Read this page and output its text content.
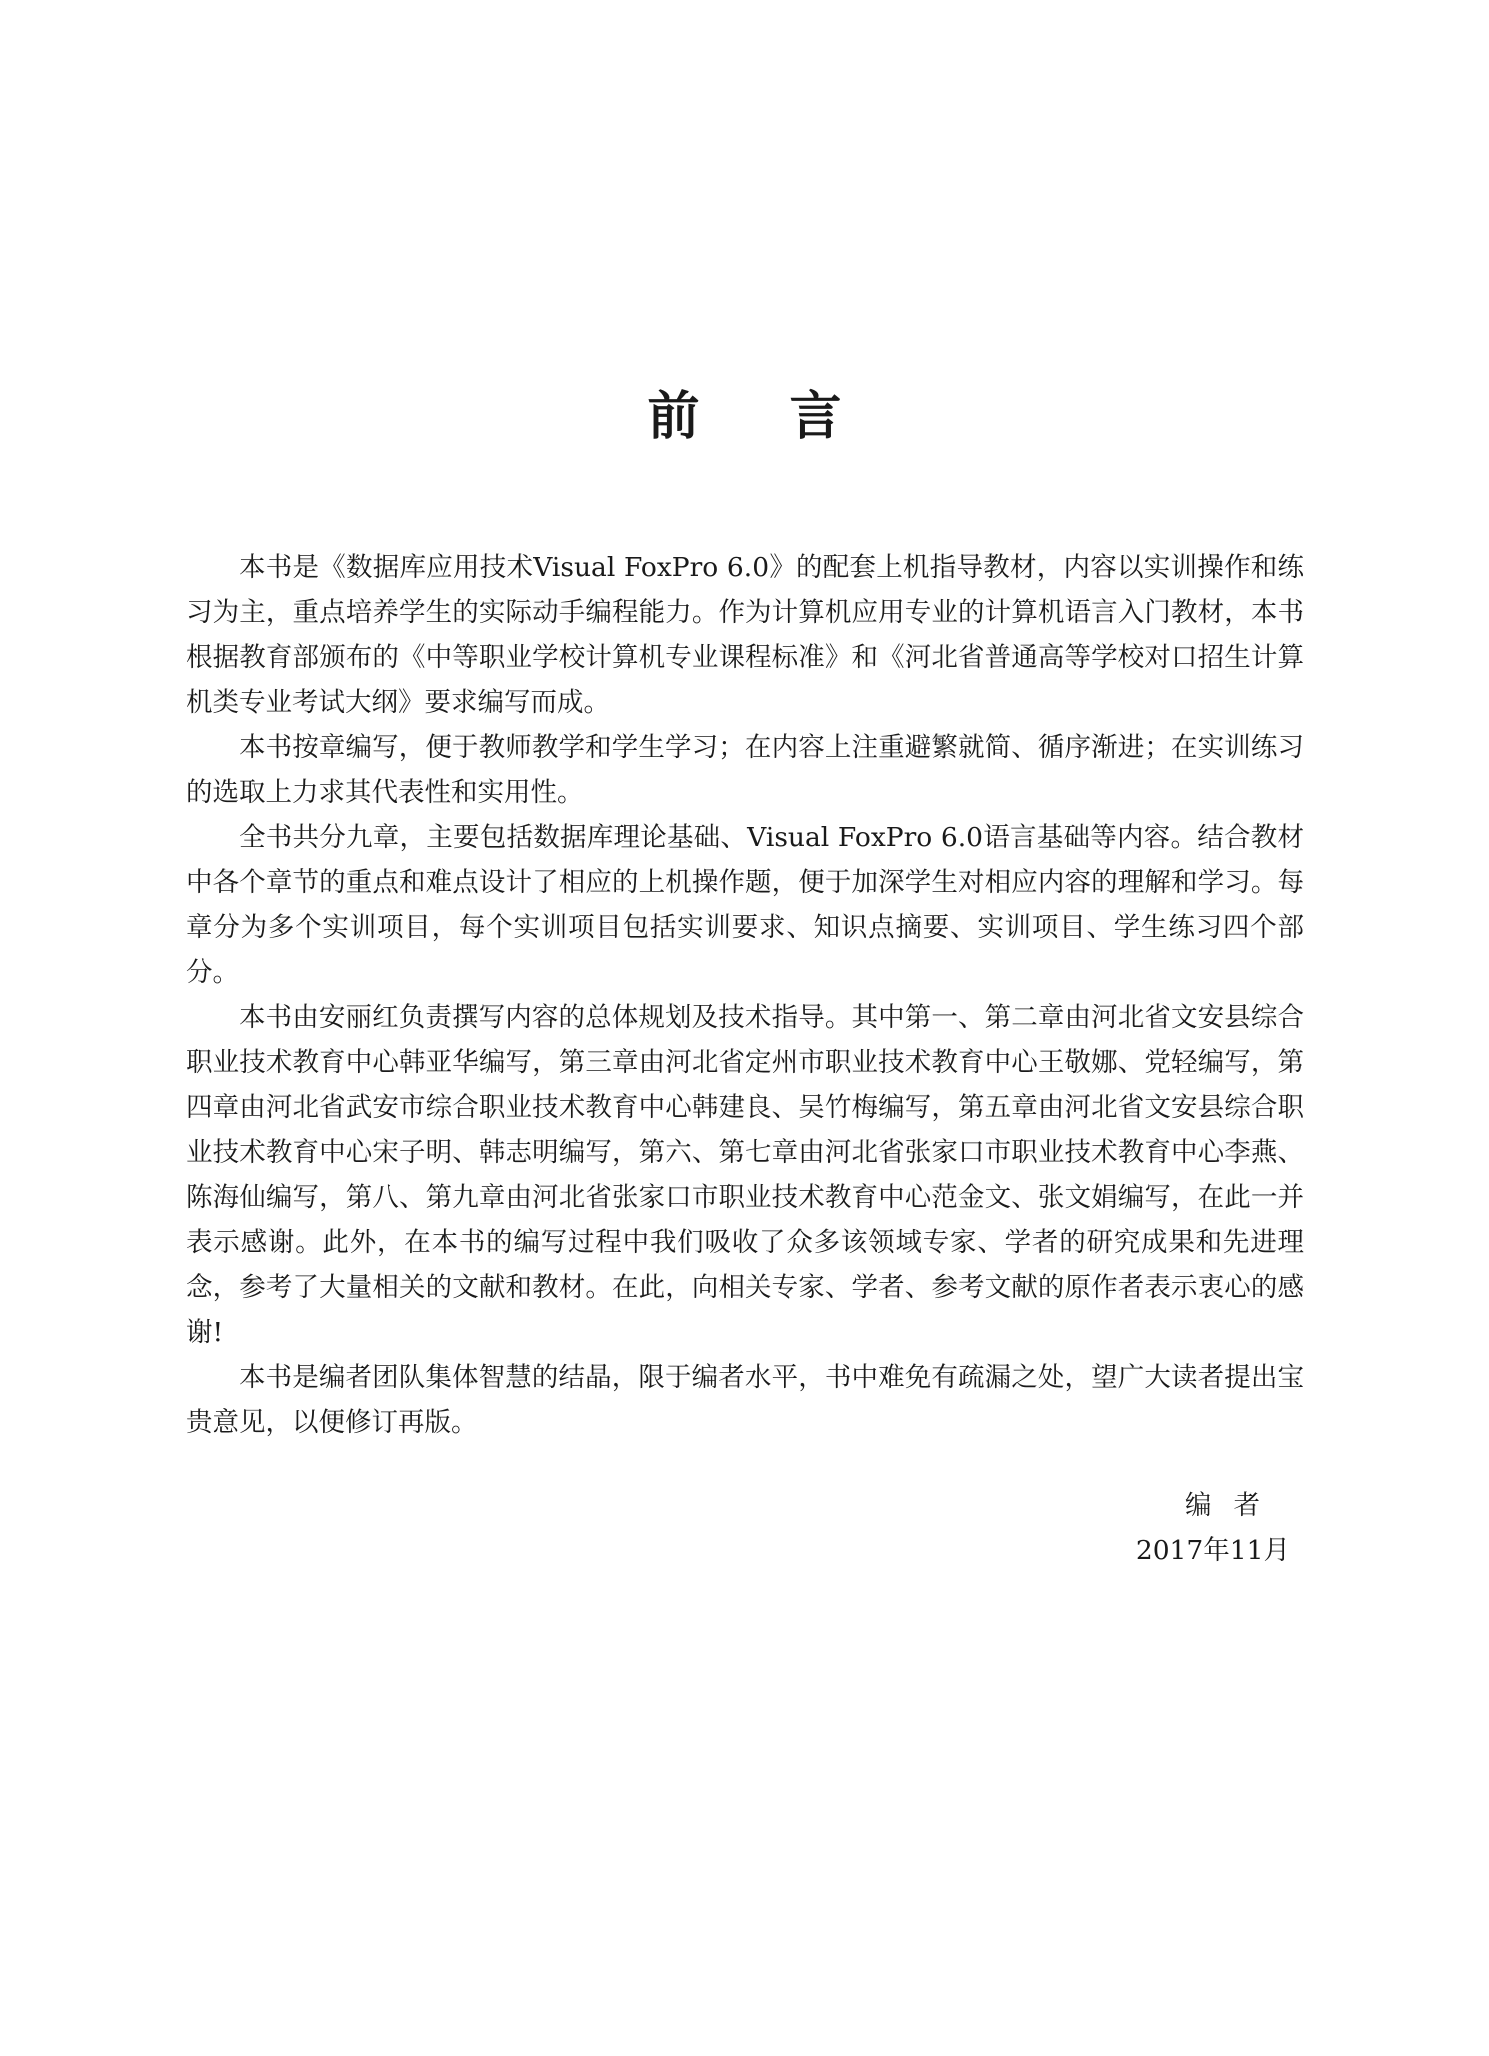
前言

本书是《数据库应用技术Visual FoxPro 6.0》的配套上机指导教材，内容以实训操作和练习为主，重点培养学生的实际动手编程能力。作为计算机应用专业的计算机语言入门教材，本书根据教育部颁布的《中等职业学校计算机专业课程标准》和《河北省普通高等学校对口招生计算机类专业考试大纲》要求编写而成。

本书按章编写，便于教师教学和学生学习；在内容上注重避繁就简、循序渐进；在实训练习的选取上力求其代表性和实用性。

全书共分九章，主要包括数据库理论基础、Visual FoxPro 6.0语言基础等内容。结合教材中各个章节的重点和难点设计了相应的上机操作题，便于加深学生对相应内容的理解和学习。每章分为多个实训项目，每个实训项目包括实训要求、知识点摘要、实训项目、学生练习四个部分。

本书由安丽红负责撰写内容的总体规划及技术指导。其中第一、第二章由河北省文安县综合职业技术教育中心韩亚华编写，第三章由河北省定州市职业技术教育中心王敬娜、党轻编写，第四章由河北省武安市综合职业技术教育中心韩建良、吴竹梅编写，第五章由河北省文安县综合职业技术教育中心宋子明、韩志明编写，第六、第七章由河北省张家口市职业技术教育中心李燕、陈海仙编写，第八、第九章由河北省张家口市职业技术教育中心范金文、张文娟编写，在此一并表示感谢。此外，在本书的编写过程中我们吸收了众多该领域专家、学者的研究成果和先进理念，参考了大量相关的文献和教材。在此，向相关专家、学者、参考文献的原作者表示衷心的感谢!

本书是编者团队集体智慧的结晶，限于编者水平，书中难免有疏漏之处，望广大读者提出宝贵意见，以便修订再版。

编者
2017年11月
